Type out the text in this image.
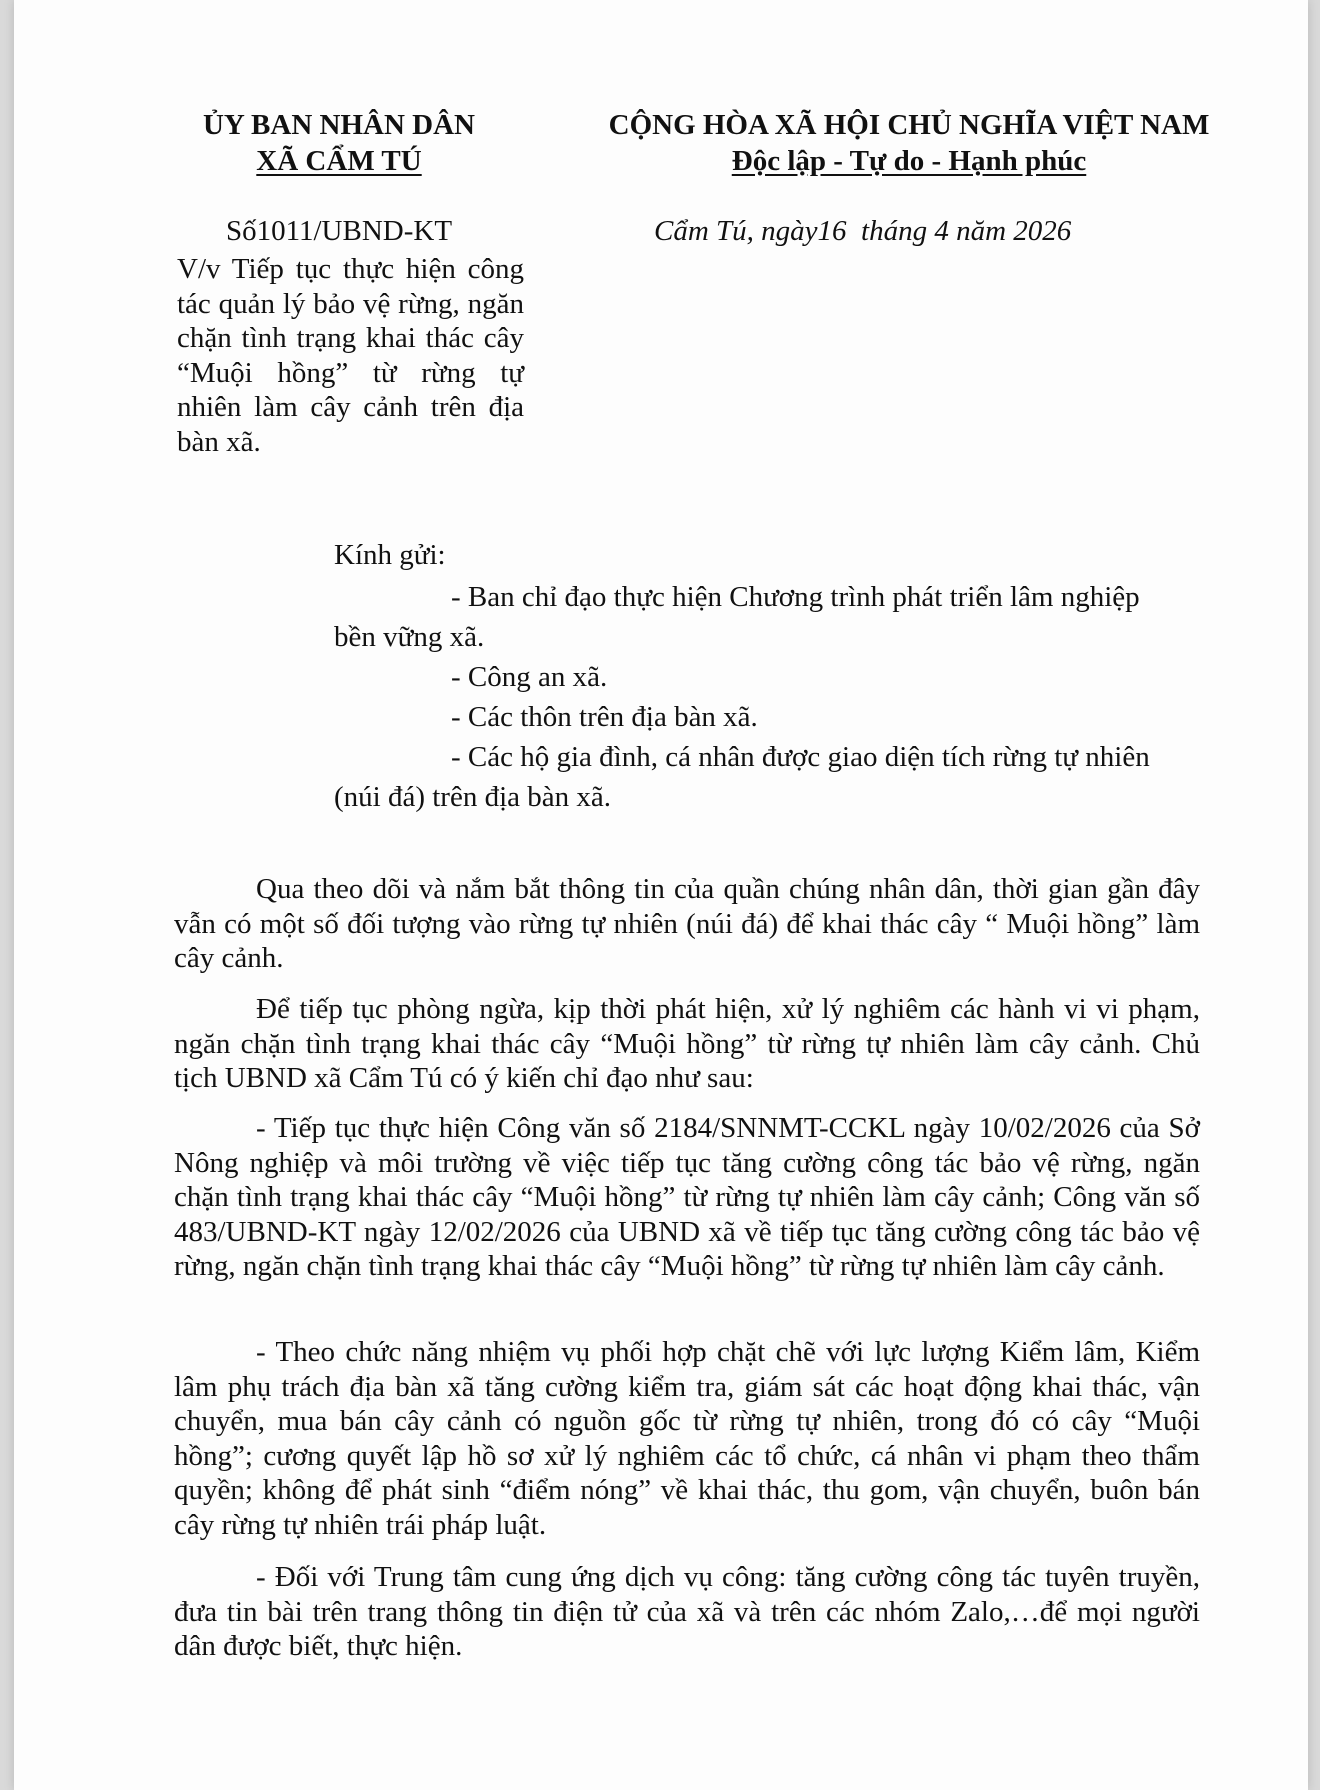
ỦY BAN NHÂN DÂN
XÃ CẨM TÚ
CỘNG HÒA XÃ HỘI CHỦ NGHĨA VIỆT NAM
Độc lập - Tự do - Hạnh phúc
Số1011/UBND-KT	Cẩm Tú, ngày16  tháng 4 năm 2026
V/v Tiếp tục thực hiện công tác quản lý bảo vệ rừng, ngăn chặn tình trạng khai thác cây “Muội hồng” từ rừng tự nhiên làm cây cảnh trên địa bàn xã.
Kính gửi:
- Ban chỉ đạo thực hiện Chương trình phát triển lâm nghiệp
bền vững xã.
- Công an xã.
- Các thôn trên địa bàn xã.
- Các hộ gia đình, cá nhân được giao diện tích rừng tự nhiên
(núi đá) trên địa bàn xã.
Qua theo dõi và nắm bắt thông tin của quần chúng nhân dân, thời gian gần đây vẫn có một số đối tượng vào rừng tự nhiên (núi đá) để khai thác cây “ Muội hồng” làm cây cảnh.
Để tiếp tục phòng ngừa, kịp thời phát hiện, xử lý nghiêm các hành vi vi phạm, ngăn chặn tình trạng khai thác cây “Muội hồng” từ rừng tự nhiên làm cây cảnh. Chủ tịch UBND xã Cẩm Tú có ý kiến chỉ đạo như sau:
- Tiếp tục thực hiện Công văn số 2184/SNNMT-CCKL ngày 10/02/2026 của Sở Nông nghiệp và môi trường về việc tiếp tục tăng cường công tác bảo vệ rừng, ngăn chặn tình trạng khai thác cây “Muội hồng” từ rừng tự nhiên làm cây cảnh; Công văn số 483/UBND-KT ngày 12/02/2026 của UBND xã về tiếp tục tăng cường công tác bảo vệ rừng, ngăn chặn tình trạng khai thác cây “Muội hồng” từ rừng tự nhiên làm cây cảnh.
- Theo chức năng nhiệm vụ phối hợp chặt chẽ với lực lượng Kiểm lâm, Kiểm lâm phụ trách địa bàn xã tăng cường kiểm tra, giám sát các hoạt động khai thác, vận chuyển, mua bán cây cảnh có nguồn gốc từ rừng tự nhiên, trong đó có cây “Muội hồng”; cương quyết lập hồ sơ xử lý nghiêm các tổ chức, cá nhân vi phạm theo thẩm quyền; không để phát sinh “điểm nóng” về khai thác, thu gom, vận chuyển, buôn bán cây rừng tự nhiên trái pháp luật.
- Đối với Trung tâm cung ứng dịch vụ công: tăng cường công tác tuyên truyền, đưa tin bài trên trang thông tin điện tử của xã và trên các nhóm Zalo,…để mọi người dân được biết, thực hiện.
